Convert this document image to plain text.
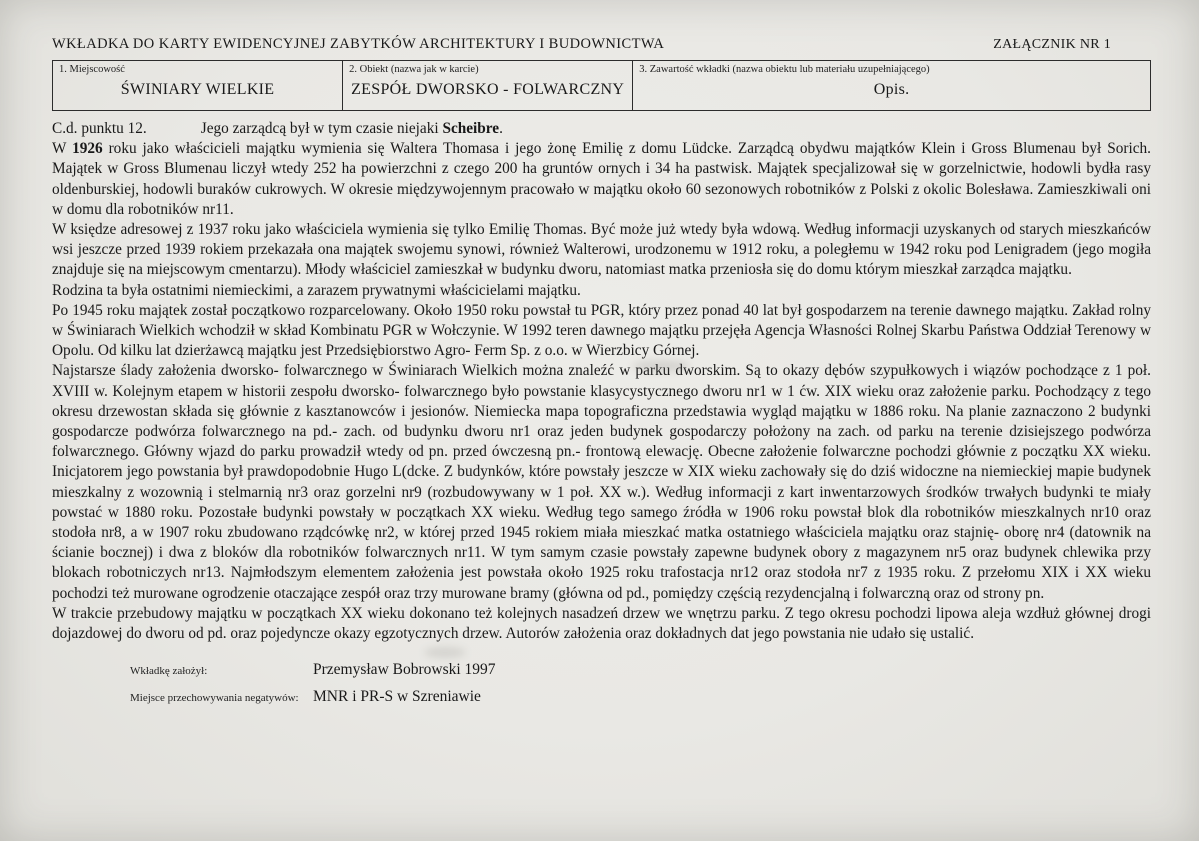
WKŁADKA DO KARTY EWIDENCYJNEJ ZABYTKÓW ARCHITEKTURY I BUDOWNICTWA	ZAŁĄCZNIK NR 1
1. Miejscowość
ŚWINIARY WIELKIE
2. Obiekt (nazwa jak w karcie)
ZESPÓŁ DWORSKO - FOLWARCZNY
3. Zawartość wkładki (nazwa obiektu lub materiału uzupełniającego)
Opis.

C.d. punktu 12.	Jego zarządcą był w tym czasie niejaki Scheibre.

W 1926 roku jako właścicieli majątku wymienia się Waltera Thomasa i jego żonę Emilię z domu Lüdcke. Zarządcą obydwu majątków Klein i Gross Blumenau był Sorich. Majątek w Gross Blumenau liczył wtedy 252 ha powierzchni z czego 200 ha gruntów ornych i 34 ha pastwisk. Majątek specjalizował się w gorzelnictwie, hodowli bydła rasy oldenburskiej, hodowli buraków cukrowych. W okresie międzywojennym pracowało w majątku około 60 sezonowych robotników z Polski z okolic Bolesława. Zamieszkiwali oni w domu dla robotników nr11.

W księdze adresowej z 1937 roku jako właściciela wymienia się tylko Emilię Thomas. Być może już wtedy była wdową. Według informacji uzyskanych od starych mieszkańców wsi jeszcze przed 1939 rokiem przekazała ona majątek swojemu synowi, również Walterowi, urodzonemu w 1912 roku, a poległemu w 1942 roku pod Lenigradem (jego mogiła znajduje się na miejscowym cmentarzu). Młody właściciel zamieszkał w budynku dworu, natomiast matka przeniosła się do domu którym mieszkał zarządca majątku.

Rodzina ta była ostatnimi niemieckimi, a zarazem prywatnymi właścicielami majątku.

Po 1945 roku majątek został początkowo rozparcelowany. Około 1950 roku powstał tu PGR, który przez ponad 40 lat był gospodarzem na terenie dawnego majątku. Zakład rolny w Świniarach Wielkich wchodził w skład Kombinatu PGR w Wołczynie. W 1992 teren dawnego majątku przejęła Agencja Własności Rolnej Skarbu Państwa Oddział Terenowy w Opolu. Od kilku lat dzierżawcą majątku jest Przedsiębiorstwo Agro- Ferm Sp. z o.o. w Wierzbicy Górnej.

Najstarsze ślady założenia dworsko- folwarcznego w Świniarach Wielkich można znaleźć w parku dworskim. Są to okazy dębów szypułkowych i wiązów pochodzące z 1 poł. XVIII w. Kolejnym etapem w historii zespołu dworsko- folwarcznego było powstanie klasycystycznego dworu nr1 w 1 ćw. XIX wieku oraz założenie parku. Pochodzący z tego okresu drzewostan składa się głównie z kasztanowców i jesionów. Niemiecka mapa topograficzna przedstawia wygląd majątku w 1886 roku. Na planie zaznaczono 2 budynki gospodarcze podwórza folwarcznego na pd.- zach. od budynku dworu nr1 oraz jeden budynek gospodarczy położony na zach. od parku na terenie dzisiejszego podwórza folwarcznego. Główny wjazd do parku prowadził wtedy od pn. przed ówczesną pn.- frontową elewację. Obecne założenie folwarczne pochodzi głównie z początku XX wieku. Inicjatorem jego powstania był prawdopodobnie Hugo L(dcke. Z budynków, które powstały jeszcze w XIX wieku zachowały się do dziś widoczne na niemieckiej mapie budynek mieszkalny z wozownią i stelmarnią nr3 oraz gorzelni nr9 (rozbudowywany w 1 poł. XX w.). Według informacji z kart inwentarzowych środków trwałych budynki te miały powstać w 1880 roku. Pozostałe budynki powstały w początkach XX wieku. Według tego samego źródła w 1906 roku powstał blok dla robotników mieszkalnych nr10 oraz stodoła nr8, a w 1907 roku zbudowano rządcówkę nr2, w której przed 1945 rokiem miała mieszkać matka ostatniego właściciela majątku oraz stajnię- oborę nr4 (datownik na ścianie bocznej) i dwa z bloków dla robotników folwarcznych nr11. W tym samym czasie powstały zapewne budynek obory z magazynem nr5 oraz budynek chlewika przy blokach robotniczych nr13. Najmłodszym elementem założenia jest powstała około 1925 roku trafostacja nr12 oraz stodoła nr7 z 1935 roku. Z przełomu XIX i XX wieku pochodzi też murowane ogrodzenie otaczające zespół oraz trzy murowane bramy (główna od pd., pomiędzy częścią rezydencjalną i folwarczną oraz od strony pn.

W trakcie przebudowy majątku w początkach XX wieku dokonano też kolejnych nasadzeń drzew we wnętrzu parku. Z tego okresu pochodzi lipowa aleja wzdłuż głównej drogi dojazdowej do dworu od pd. oraz pojedyncze okazy egzotycznych drzew. Autorów założenia oraz dokładnych dat jego powstania nie udało się ustalić.

Wkładkę założył:	Przemysław Bobrowski 1997
Miejsce przechowywania negatywów: MNR i PR-S w Szreniawie
